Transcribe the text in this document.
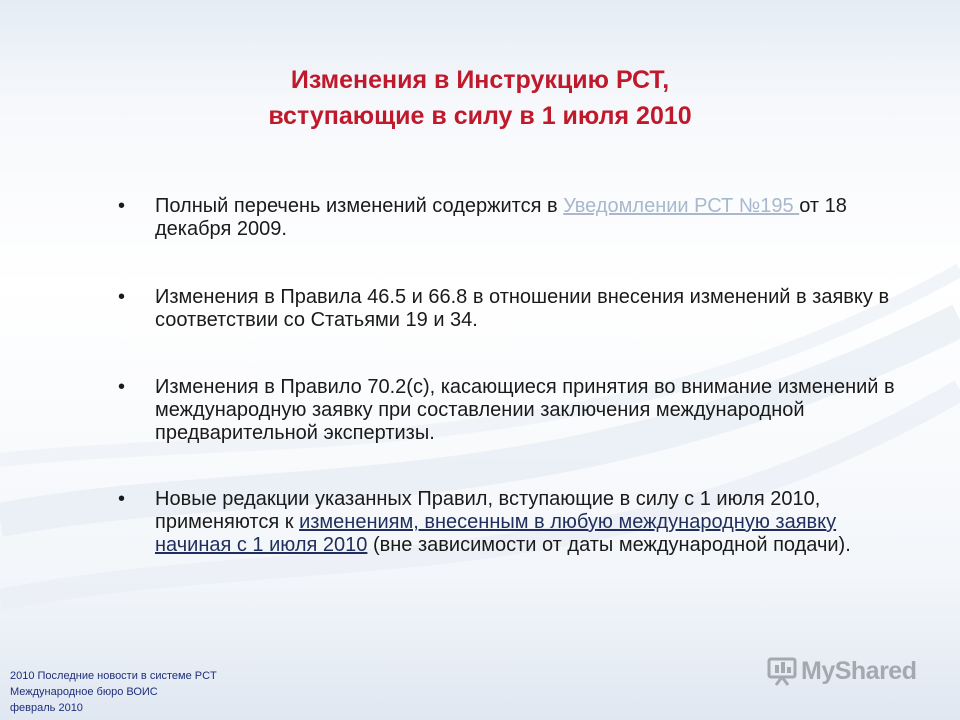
Изменения в Инструкцию РСТ,
вступающие в силу в 1 июля 2010
• Полный перечень изменений содержится в Уведомлении РСТ №195 от 18 декабря 2009.
• Изменения в Правила 46.5 и 66.8 в отношении внесения изменений в заявку в соответствии со Статьями 19 и 34.
• Изменения в Правило 70.2(с), касающиеся принятия во внимание изменений в международную заявку при составлении заключения международной предварительной экспертизы.
• Новые редакции указанных Правил, вступающие в силу с 1 июля 2010, применяются к изменениям, внесенным в любую международную заявку начиная с 1 июля 2010 (вне зависимости от даты международной подачи).
2010 Последние новости в системе PCT
Международное бюро ВОИС
февраль 2010
MyShared
